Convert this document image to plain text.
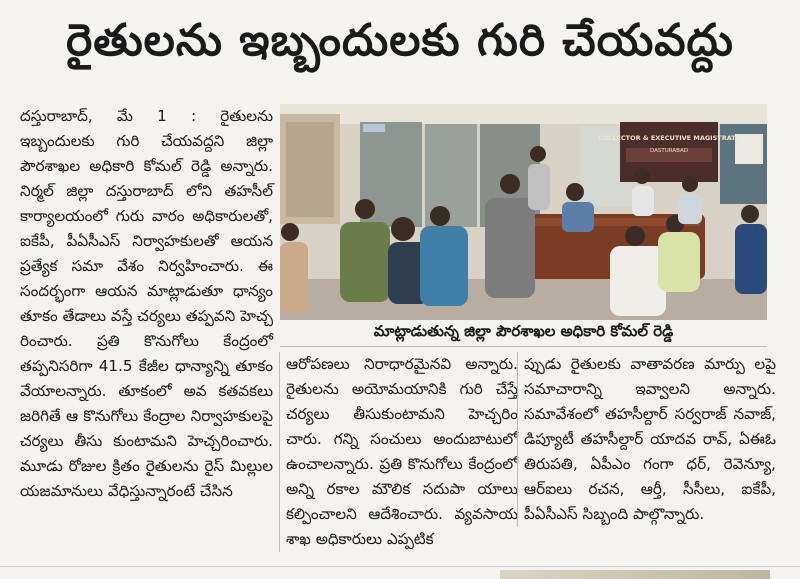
రైతులను ఇబ్బందులకు గురి చేయవద్దు

దస్తురాబాద్, మే 1 : రైతులను ఇబ్బందులకు గురి చేయవద్దని జిల్లా పౌరశాఖల అధికారి కోమల్ రెడ్డి అన్నారు. నిర్మల్ జిల్లా దస్తురాబాద్ లోని తహసీల్ కార్యాలయంలో గురు వారం అధికారులతో, ఐకేపీ, పీఏసీఎస్ నిర్వాహకులతో ఆయన ప్రత్యేక సమా వేశం నిర్వహించారు. ఈ సందర్భంగా ఆయన మాట్లాడుతూ ధాన్యం తూకం తేడాలు వస్తే చర్యలు తప్పవని హెచ్చ రించారు. ప్రతి కొనుగోలు కేంద్రంలో తప్పనిసరిగా 41.5 కేజీల ధాన్యాన్ని తూకం వేయాలన్నారు. తూకంలో అవ కతవకలు జరిగితే ఆ కొనుగోలు కేంద్రాల నిర్వాహకులపై చర్యలు తీసు కుంటామని హెచ్చరించారు. మూడు రోజుల క్రితం రైతులను రైస్ మిల్లుల యజమానులు వేధిస్తున్నారంటే చేసిన

COLLECTOR & EXECUTIVE MAGISTRATE
DASTURABAD
మాట్లాడుతున్న జిల్లా పౌరశాఖల అధికారి కోమల్ రెడ్డి

ఆరోపణలు నిరాధారమైనవి అన్నారు. రైతులను అయోమయానికి గురి చేస్తే చర్యలు తీసుకుంటామని హెచ్చరిం చారు. గన్ని సంచులు అందుబాటులో ఉంచాలన్నారు. ప్రతి కొనుగోలు కేంద్రంలో అన్ని రకాల మౌలిక సదుపా యాలు కల్పించాలని ఆదేశించారు. వ్యవసాయ శాఖ అధికారులు ఎప్పటిక

ప్పుడు రైతులకు వాతావరణ మార్పు లపై సమాచారాన్ని ఇవ్వాలని అన్నారు. సమావేశంలో తహసీల్దార్ సర్వరాజ్ నవాజ్, డిప్యూటీ తహసీల్దార్ యాదవ రావ్, ఏఈఓ తిరుపతి, ఏపీఎం గంగా ధర్, రెవెన్యూ, ఆర్ఐలు రచన, ఆర్తీ, సీసీలు, ఐకేపీ, పీఏసీఎస్ సిబ్బంది పాల్గొన్నారు.
